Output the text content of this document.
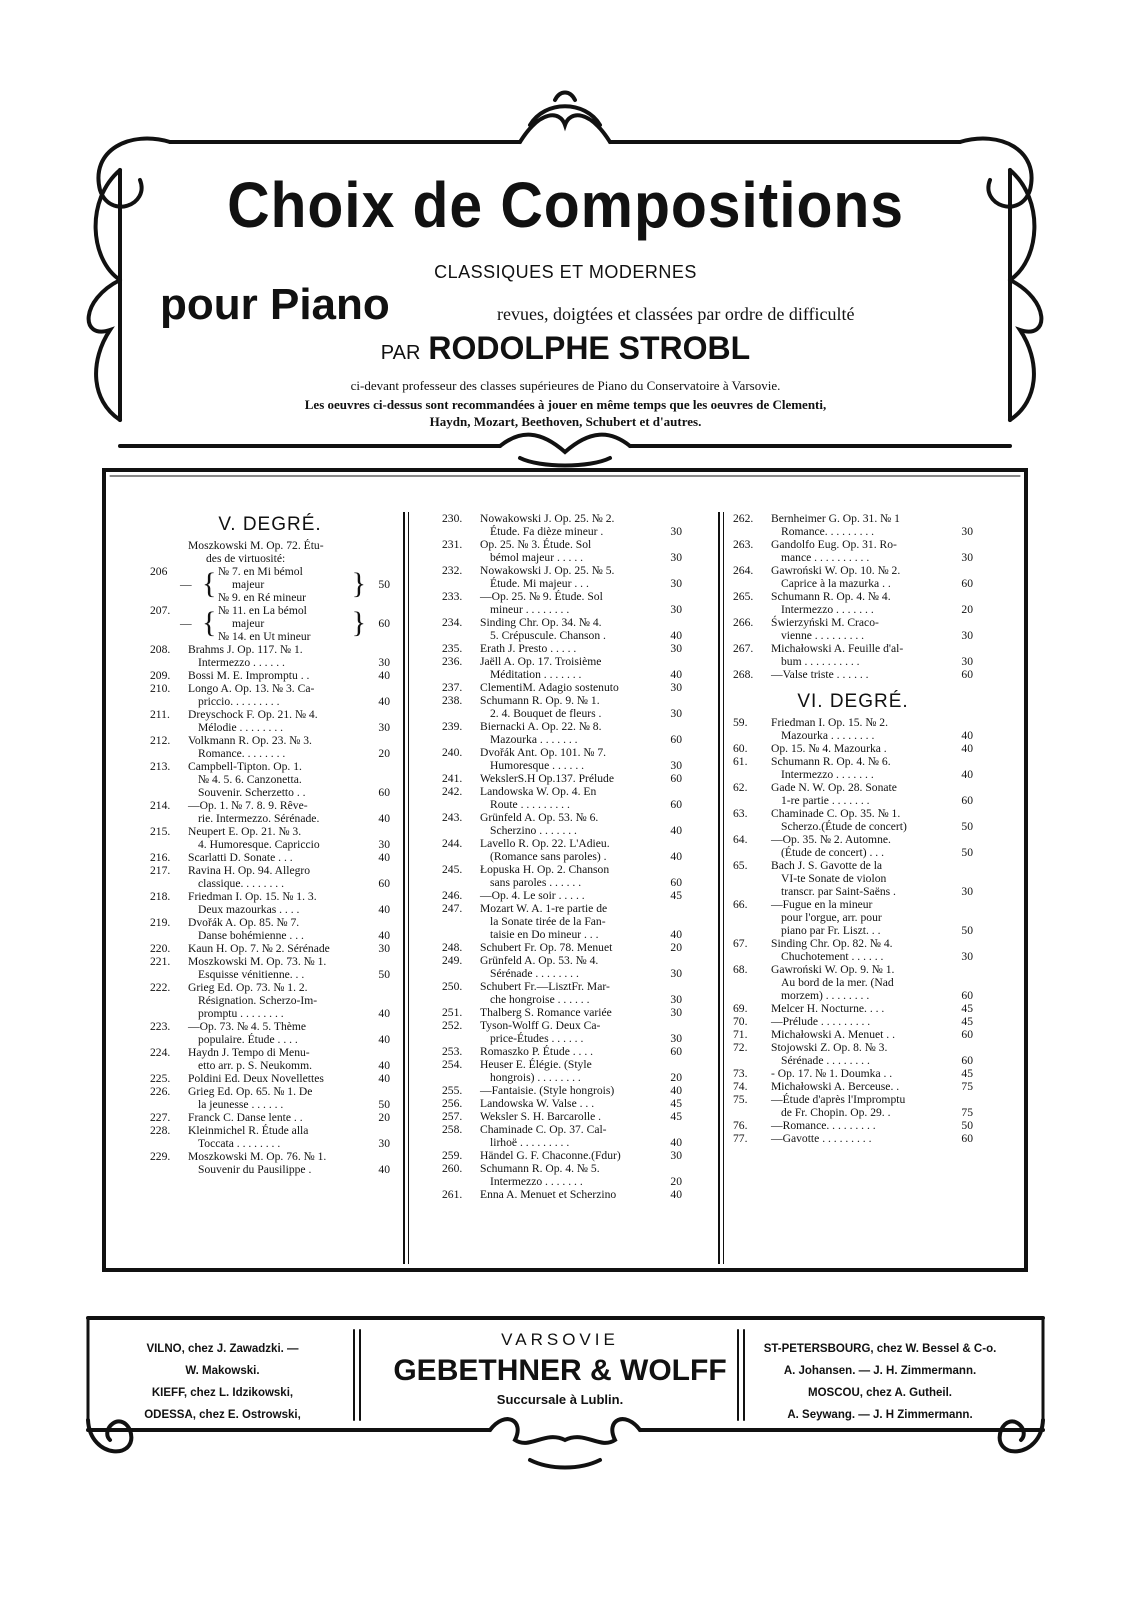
Choix de Compositions
CLASSIQUES ET MODERNES
pour Piano	revues, doigtées et classées par ordre de difficulté
PAR RODOLPHE STROBL
ci-devant professeur des classes supérieures de Piano du Conservatoire à Varsovie.
Les oeuvres ci-dessus sont recommandées à jouer en même temps que les oeuvres de Clementi,
Haydn, Mozart, Beethoven, Schubert et d'autres.
V. DEGRÉ.
Moszkowski M. Op. 72. Étu-
des de virtuosité:
206
— { № 7. en Mi bémol
majeur
№ 9. en Ré mineur	}	50
207.
— { № 11. en La bémol
majeur
№ 14. en Ut mineur	}	60
208.	Brahms J. Op. 117. № 1.
Intermezzo . . . . . .	30
209.	Bossi M. E. Impromptu . .	40
210.	Longo A. Op. 13. № 3. Ca-
priccio. . . . . . . . .	40
211.	Dreyschock F. Op. 21. № 4.
Mélodie . . . . . . . .	30
212.	Volkmann R. Op. 23. № 3.
Romance. . . . . . . .	20
213.	Campbell-Tipton. Op. 1.
№ 4. 5. 6. Canzonetta.
Souvenir. Scherzetto . .	60
214.	—Op. 1. № 7. 8. 9. Rêve-
rie. Intermezzo. Sérénade.	40
215.	Neupert E. Op. 21. № 3.
4. Humoresque. Capriccio	30
216.	Scarlatti D. Sonate . . .	40
217.	Ravina H. Op. 94. Allegro
classique. . . . . . . .	60
218.	Friedman I. Op. 15. № 1. 3.
Deux mazourkas . . . .	40
219.	Dvořák A. Op. 85. № 7.
Danse bohémienne . . .	40
220.	Kaun H. Op. 7. № 2. Sérénade	30
221.	Moszkowski M. Op. 73. № 1.
Esquisse vénitienne. . .	50
222.	Grieg Ed. Op. 73. № 1. 2.
Résignation. Scherzo-Im-
promptu . . . . . . . .	40
223.	—Op. 73. № 4. 5. Thème
populaire. Étude . . . .	40
224.	Haydn J. Tempo di Menu-
etto arr. p. S. Neukomm.	40
225.	Poldini Ed. Deux Novellettes	40
226.	Grieg Ed. Op. 65. № 1. De
la jeunesse . . . . . .	50
227.	Franck C. Danse lente . .	20
228.	Kleinmichel R. Étude alla
Toccata . . . . . . . .	30
229.	Moszkowski M. Op. 76. № 1.
Souvenir du Pausilippe .	40
230.	Nowakowski J. Op. 25. № 2.
Étude. Fa dièze mineur .	30
231.	Op. 25. № 3. Étude. Sol
bémol majeur . . . . .	30
232.	Nowakowski J. Op. 25. № 5.
Étude. Mi majeur . . .	30
233.	—Op. 25. № 9. Étude. Sol
mineur . . . . . . . .	30
234.	Sinding Chr. Op. 34. № 4.
5. Crépuscule. Chanson .	40
235.	Erath J. Presto . . . . .	30
236.	Jaëll A. Op. 17. Troisième
Méditation . . . . . . .	40
237.	ClementiM. Adagio sostenuto	30
238.	Schumann R. Op. 9. № 1.
2. 4. Bouquet de fleurs .	30
239.	Biernacki A. Op. 22. № 8.
Mazourka . . . . . . .	60
240.	Dvořák Ant. Op. 101. № 7.
Humoresque . . . . . .	30
241.	WekslerS.H Op.137. Prélude	60
242.	Landowska W. Op. 4. En
Route . . . . . . . . .	60
243.	Grünfeld A. Op. 53. № 6.
Scherzino . . . . . . .	40
244.	Lavello R. Op. 22. L'Adieu.
(Romance sans paroles) .	40
245.	Łopuska H. Op. 2. Chanson
sans paroles . . . . . .	60
246.	—Op. 4. Le soir . . . . .	45
247.	Mozart W. A. 1-re partie de
la Sonate tirée de la Fan-
taisie en Do mineur . . .	40
248.	Schubert Fr. Op. 78. Menuet	20
249.	Grünfeld A. Op. 53. № 4.
Sérénade . . . . . . . .	30
250.	Schubert Fr.—LisztFr. Mar-
che hongroise . . . . . .	30
251.	Thalberg S. Romance variée	30
252.	Tyson-Wolff G. Deux Ca-
price-Études . . . . . .	30
253.	Romaszko P. Étude . . . .	60
254.	Heuser E. Élégie. (Style
hongrois) . . . . . . . .	20
255.	—Fantaisie. (Style hongrois)	40
256.	Landowska W. Valse . . .	45
257.	Weksler S. H. Barcarolle .	45
258.	Chaminade C. Op. 37. Cal-
lirhoë . . . . . . . . .	40
259.	Händel G. F. Chaconne.(Fdur)	30
260.	Schumann R. Op. 4. № 5.
Intermezzo . . . . . . .	20
261.	Enna A. Menuet et Scherzino	40
262.	Bernheimer G. Op. 31. № 1
Romance. . . . . . . . .	30
263.	Gandolfo Eug. Op. 31. Ro-
mance . . . . . . . . . .	30
264.	Gawroński W. Op. 10. № 2.
Caprice à la mazurka . .	60
265.	Schumann R. Op. 4. № 4.
Intermezzo . . . . . . .	20
266.	Świerzyński M. Craco-
vienne . . . . . . . . .	30
267.	Michałowski A. Feuille d'al-
bum . . . . . . . . . .	30
268.	—Valse triste . . . . . .	60
VI. DEGRÉ.
59.	Friedman I. Op. 15. № 2.
Mazourka . . . . . . . .	40
60.	Op. 15. № 4. Mazourka .	40
61.	Schumann R. Op. 4. № 6.
Intermezzo . . . . . . .	40
62.	Gade N. W. Op. 28. Sonate
1-re partie . . . . . . .	60
63.	Chaminade C. Op. 35. № 1.
Scherzo.(Étude de concert)	50
64.	—Op. 35. № 2. Automne.
(Étude de concert) . . .	50
65.	Bach J. S. Gavotte de la
VI-te Sonate de violon
transcr. par Saint-Saëns .	30
66.	—Fugue en la mineur
pour l'orgue, arr. pour
piano par Fr. Liszt. . .	50
67.	Sinding Chr. Op. 82. № 4.
Chuchotement . . . . . .	30
68.	Gawroński W. Op. 9. № 1.
Au bord de la mer. (Nad
morzem) . . . . . . . .	60
69.	Melcer H. Nocturne. . . .	45
70.	—Prélude . . . . . . . . .	45
71.	Michałowski A. Menuet . .	60
72.	Stojowski Z. Op. 8. № 3.
Sérénade . . . . . . . .	60
73.	- Op. 17. № 1. Doumka . .	45
74.	Michałowski A. Berceuse. .	75
75.	—Étude d'après l'Impromptu
de Fr. Chopin. Op. 29. .	75
76.	—Romance. . . . . . . . .	50
77.	—Gavotte . . . . . . . . .	60
VILNO, chez J. Zawadzki. —
W. Makowski.
KIEFF, chez L. Idzikowski,
ODESSA, chez E. Ostrowski,
VARSOVIE
GEBETHNER & WOLFF
Succursale à Lublin.
ST-PETERSBOURG, chez W. Bessel & C-o.
A. Johansen. — J. H. Zimmermann.
MOSCOU, chez A. Gutheil.
A. Seywang. — J. H Zimmermann.
